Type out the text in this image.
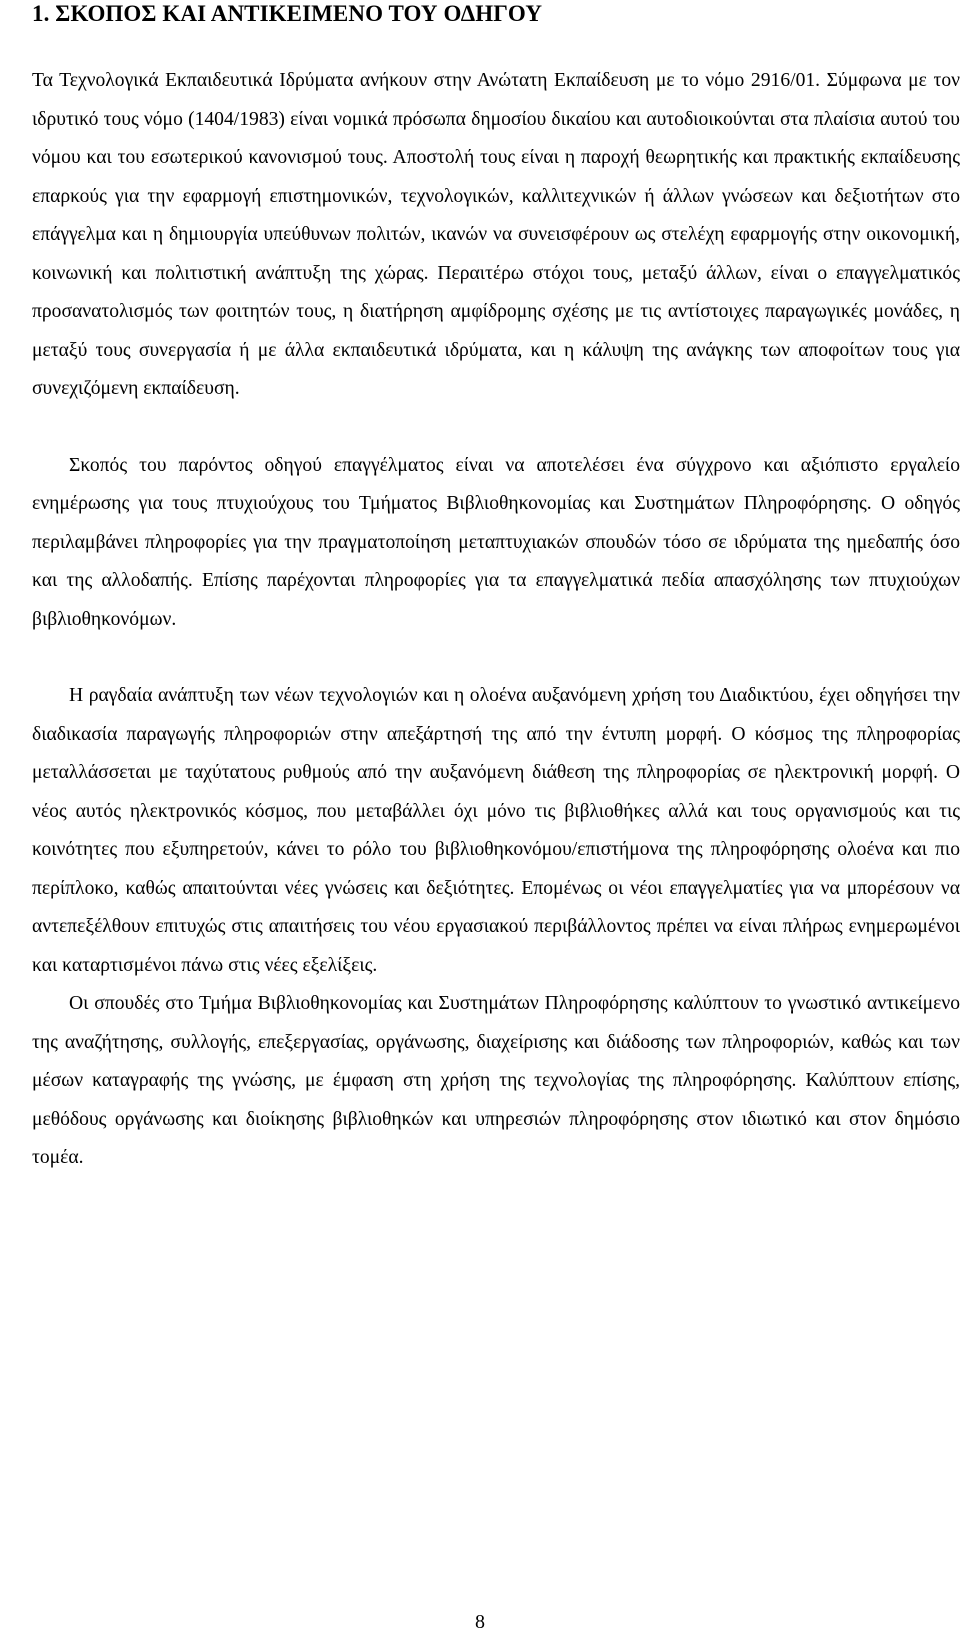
1. ΣΚΟΠΟΣ ΚΑΙ ΑΝΤΙΚΕΙΜΕΝΟ ΤΟΥ ΟΔΗΓΟΥ

Τα Τεχνολογικά Εκπαιδευτικά Ιδρύματα ανήκουν στην Ανώτατη Εκπαίδευση με το νόμο 2916/01. Σύμφωνα με τον ιδρυτικό τους νόμο (1404/1983) είναι νομικά πρόσωπα δημοσίου δικαίου και αυτοδιοικούνται στα πλαίσια αυτού του νόμου και του εσωτερικού κανονισμού τους. Αποστολή τους είναι η παροχή θεωρητικής και πρακτικής εκπαίδευσης επαρκούς για την εφαρμογή επιστημονικών, τεχνολογικών, καλλιτεχνικών ή άλλων γνώσεων και δεξιοτήτων στο επάγγελμα και η δημιουργία υπεύθυνων πολιτών, ικανών να συνεισφέρουν ως στελέχη εφαρμογής στην οικονομική, κοινωνική και πολιτιστική ανάπτυξη της χώρας. Περαιτέρω στόχοι τους, μεταξύ άλλων, είναι ο επαγγελματικός προσανατολισμός των φοιτητών τους, η διατήρηση αμφίδρομης σχέσης με τις αντίστοιχες παραγωγικές μονάδες, η μεταξύ τους συνεργασία ή με άλλα εκπαιδευτικά ιδρύματα, και η κάλυψη της ανάγκης των αποφοίτων τους για συνεχιζόμενη εκπαίδευση.

Σκοπός του παρόντος οδηγού επαγγέλματος είναι να αποτελέσει ένα σύγχρονο και αξιόπιστο εργαλείο ενημέρωσης για τους πτυχιούχους του Τμήματος Βιβλιοθηκονομίας και Συστημάτων Πληροφόρησης. Ο οδηγός περιλαμβάνει πληροφορίες για την πραγματοποίηση μεταπτυχιακών σπουδών τόσο σε ιδρύματα της ημεδαπής όσο και της αλλοδαπής. Επίσης παρέχονται πληροφορίες για τα επαγγελματικά πεδία απασχόλησης των πτυχιούχων βιβλιοθηκονόμων.

Η ραγδαία ανάπτυξη των νέων τεχνολογιών και η ολοένα αυξανόμενη χρήση του Διαδικτύου, έχει οδηγήσει την διαδικασία παραγωγής πληροφοριών στην απεξάρτησή της από την έντυπη μορφή. Ο κόσμος της πληροφορίας μεταλλάσσεται με ταχύτατους ρυθμούς από την αυξανόμενη διάθεση της πληροφορίας σε ηλεκτρονική μορφή. Ο νέος αυτός ηλεκτρονικός κόσμος, που μεταβάλλει όχι μόνο τις βιβλιοθήκες αλλά και τους οργανισμούς και τις κοινότητες που εξυπηρετούν, κάνει το ρόλο του βιβλιοθηκονόμου/επιστήμονα της πληροφόρησης ολοένα και πιο περίπλοκο, καθώς απαιτούνται νέες γνώσεις και δεξιότητες. Επομένως οι νέοι επαγγελματίες για να μπορέσουν να αντεπεξέλθουν επιτυχώς στις απαιτήσεις του νέου εργασιακού περιβάλλοντος πρέπει να είναι πλήρως ενημερωμένοι και καταρτισμένοι πάνω στις νέες εξελίξεις.

Οι σπουδές στο Τμήμα Βιβλιοθηκονομίας και Συστημάτων Πληροφόρησης καλύπτουν το γνωστικό αντικείμενο της αναζήτησης, συλλογής, επεξεργασίας, οργάνωσης, διαχείρισης και διάδοσης των πληροφοριών, καθώς και των μέσων καταγραφής της γνώσης, με έμφαση στη χρήση της τεχνολογίας της πληροφόρησης. Καλύπτουν επίσης, μεθόδους οργάνωσης και διοίκησης βιβλιοθηκών και υπηρεσιών πληροφόρησης στον ιδιωτικό και στον δημόσιο τομέα.

8
